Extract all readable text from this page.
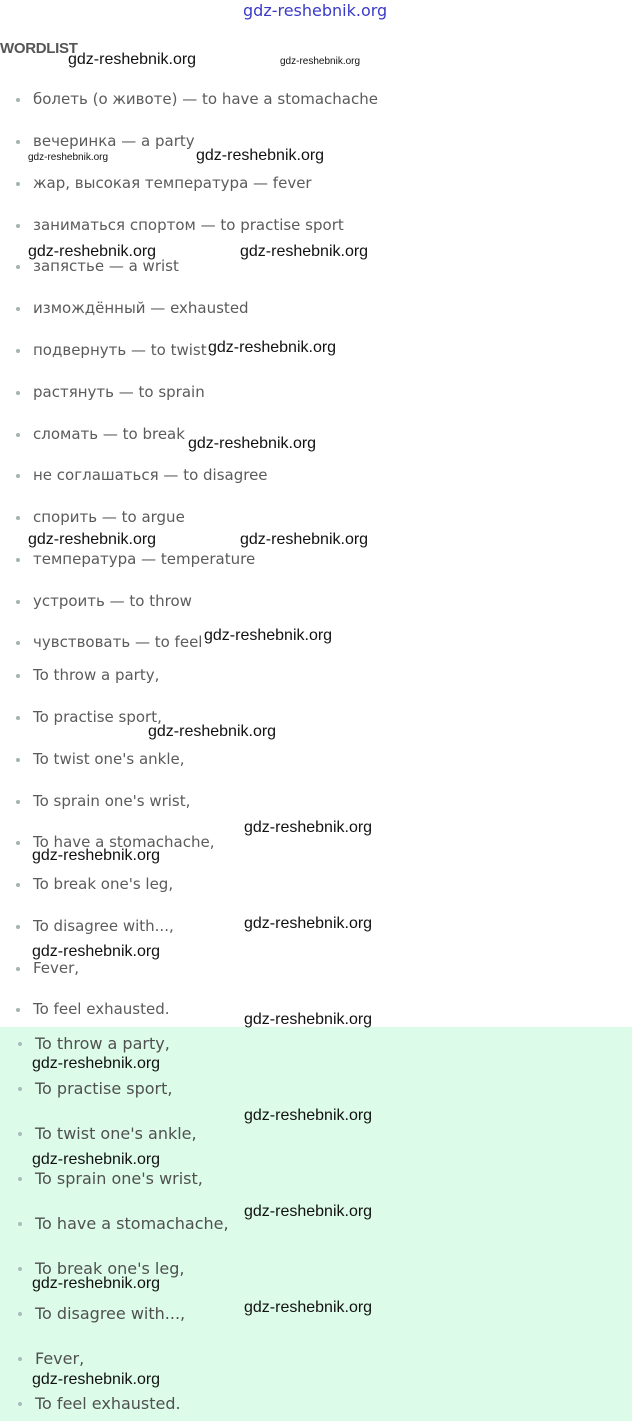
gdz-reshebnik.org
WORDLIST
болеть (о животе) — to have a stomachache
вечеринка — a party
жар, высокая температура — fever
заниматься спортом — to practise sport
запястье — a wrist
измождённый — exhausted
подвернуть — to twist
растянуть — to sprain
сломать — to break
не соглашаться — to disagree
спорить — to argue
температура — temperature
устроить — to throw
чувствовать — to feel
To throw a party,
To practise sport,
To twist one's ankle,
To sprain one's wrist,
To have a stomachache,
To break one's leg,
To disagree with...,
Fever,
To feel exhausted.
To throw a party,
To practise sport,
To twist one's ankle,
To sprain one's wrist,
To have a stomachache,
To break one's leg,
To disagree with...,
Fever,
To feel exhausted.
gdz-reshebnik.org	gdz-reshebnik.org
gdz-reshebnik.org	gdz-reshebnik.org
gdz-reshebnik.org	gdz-reshebnik.org
gdz-reshebnik.org
gdz-reshebnik.org
gdz-reshebnik.org	gdz-reshebnik.org
gdz-reshebnik.org
gdz-reshebnik.org
gdz-reshebnik.org
gdz-reshebnik.org
gdz-reshebnik.org
gdz-reshebnik.org
gdz-reshebnik.org
gdz-reshebnik.org
gdz-reshebnik.org
gdz-reshebnik.org
gdz-reshebnik.org
gdz-reshebnik.org
gdz-reshebnik.org
gdz-reshebnik.org
